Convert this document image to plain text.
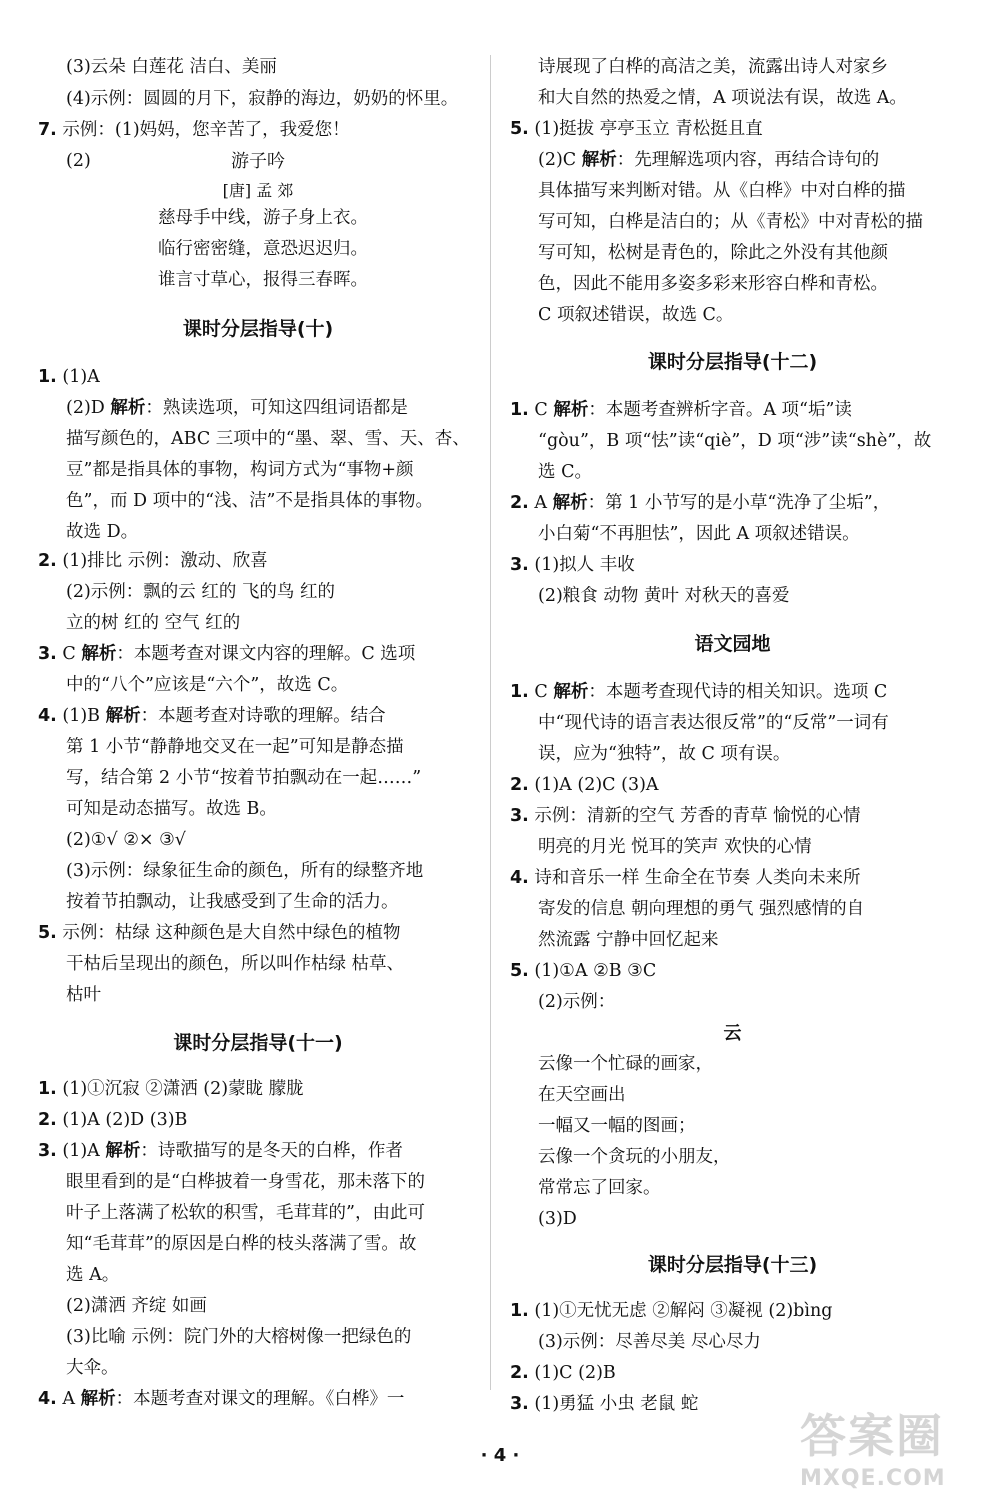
(3)云朵 白莲花 洁白、美丽
(4)示例：圆圆的月下，寂静的海边，奶奶的怀里。
7. 示例：(1)妈妈，您辛苦了，我爱您！
(2)	游子吟
[唐] 孟 郊
慈母手中线，游子身上衣。
临行密密缝，意恐迟迟归。
谁言寸草心，报得三春晖。
课时分层指导(十)
1. (1)A
(2)D 解析：熟读选项，可知这四组词语都是
描写颜色的，ABC 三项中的“墨、翠、雪、天、杏、
豆”都是指具体的事物，构词方式为“事物+颜
色”，而 D 项中的“浅、洁”不是指具体的事物。
故选 D。
2. (1)排比 示例：激动、欣喜
(2)示例：飘的云 红的 飞的鸟 红的
立的树 红的 空气 红的
3. C 解析：本题考查对课文内容的理解。C 选项
中的“八个”应该是“六个”，故选 C。
4. (1)B 解析：本题考查对诗歌的理解。结合
第 1 小节“静静地交叉在一起”可知是静态描
写，结合第 2 小节“按着节拍飘动在一起……”
可知是动态描写。故选 B。
(2)①√ ②× ③√
(3)示例：绿象征生命的颜色，所有的绿整齐地
按着节拍飘动，让我感受到了生命的活力。
5. 示例：枯绿 这种颜色是大自然中绿色的植物
干枯后呈现出的颜色，所以叫作枯绿 枯草、
枯叶
课时分层指导(十一)
1. (1)①沉寂 ②潇洒 (2)蒙眬 朦胧
2. (1)A (2)D (3)B
3. (1)A 解析：诗歌描写的是冬天的白桦，作者
眼里看到的是“白桦披着一身雪花，那未落下的
叶子上落满了松软的积雪，毛茸茸的”，由此可
知“毛茸茸”的原因是白桦的枝头落满了雪。故
选 A。
(2)潇洒 齐绽 如画
(3)比喻 示例：院门外的大榕树像一把绿色的
大伞。
4. A 解析：本题考查对课文的理解。《白桦》一
诗展现了白桦的高洁之美，流露出诗人对家乡
和大自然的热爱之情，A 项说法有误，故选 A。
5. (1)挺拔 亭亭玉立 青松挺且直
(2)C 解析：先理解选项内容，再结合诗句的
具体描写来判断对错。从《白桦》中对白桦的描
写可知，白桦是洁白的；从《青松》中对青松的描
写可知，松树是青色的，除此之外没有其他颜
色，因此不能用多姿多彩来形容白桦和青松。
C 项叙述错误，故选 C。
课时分层指导(十二)
1. C 解析：本题考查辨析字音。A 项“垢”读
“gòu”，B 项“怯”读“qiè”，D 项“涉”读“shè”，故
选 C。
2. A 解析：第 1 小节写的是小草“洗净了尘垢”，
小白菊“不再胆怯”，因此 A 项叙述错误。
3. (1)拟人 丰收
(2)粮食 动物 黄叶 对秋天的喜爱
语文园地
1. C 解析：本题考查现代诗的相关知识。选项 C
中“现代诗的语言表达很反常”的“反常”一词有
误，应为“独特”，故 C 项有误。
2. (1)A (2)C (3)A
3. 示例：清新的空气 芳香的青草 愉悦的心情
明亮的月光 悦耳的笑声 欢快的心情
4. 诗和音乐一样 生命全在节奏 人类向未来所
寄发的信息 朝向理想的勇气 强烈感情的自
然流露 宁静中回忆起来
5. (1)①A ②B ③C
(2)示例：
云
云像一个忙碌的画家，
在天空画出
一幅又一幅的图画；
云像一个贪玩的小朋友，
常常忘了回家。
(3)D
课时分层指导(十三)
1. (1)①无忧无虑 ②解闷 ③凝视 (2)bìng
(3)示例：尽善尽美 尽心尽力
2. (1)C (2)B
3. (1)勇猛 小虫 老鼠 蛇
· 4 ·	答案圈
MXQE.COM
